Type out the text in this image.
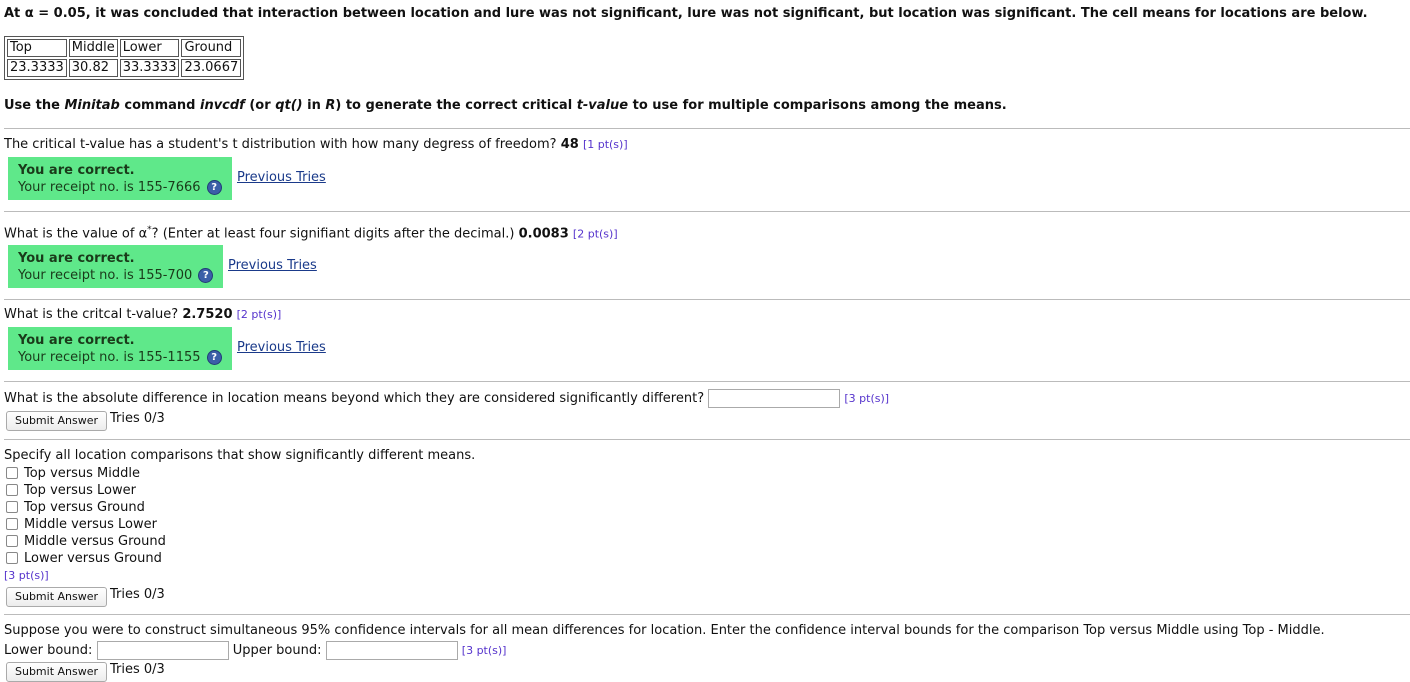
At α = 0.05, it was concluded that interaction between location and lure was not significant, lure was not significant, but location was significant. The cell means for locations are below.
Top	Middle	Lower	Ground
23.3333	30.82	33.3333	23.0667
Use the Minitab command invcdf (or qt() in R) to generate the correct critical t-value to use for multiple comparisons among the means.
The critical t-value has a student's t distribution with how many degress of freedom? 48 [1 pt(s)]
You are correct.
Your receipt no. is 155-7666 ?
Previous Tries
What is the value of α*? (Enter at least four signifiant digits after the decimal.) 0.0083 [2 pt(s)]
You are correct.
Your receipt no. is 155-700 ?
Previous Tries
What is the critcal t-value? 2.7520 [2 pt(s)]
You are correct.
Your receipt no. is 155-1155 ?
Previous Tries
What is the absolute difference in location means beyond which they are considered significantly different?	[3 pt(s)]
Submit Answer Tries 0/3
Specify all location comparisons that show significantly different means.
Top versus Middle
Top versus Lower
Top versus Ground
Middle versus Lower
Middle versus Ground
Lower versus Ground
[3 pt(s)]
Submit Answer Tries 0/3
Suppose you were to construct simultaneous 95% confidence intervals for all mean differences for location. Enter the confidence interval bounds for the comparison Top versus Middle using Top - Middle.
Lower bound:	Upper bound:	[3 pt(s)]
Submit Answer Tries 0/3
